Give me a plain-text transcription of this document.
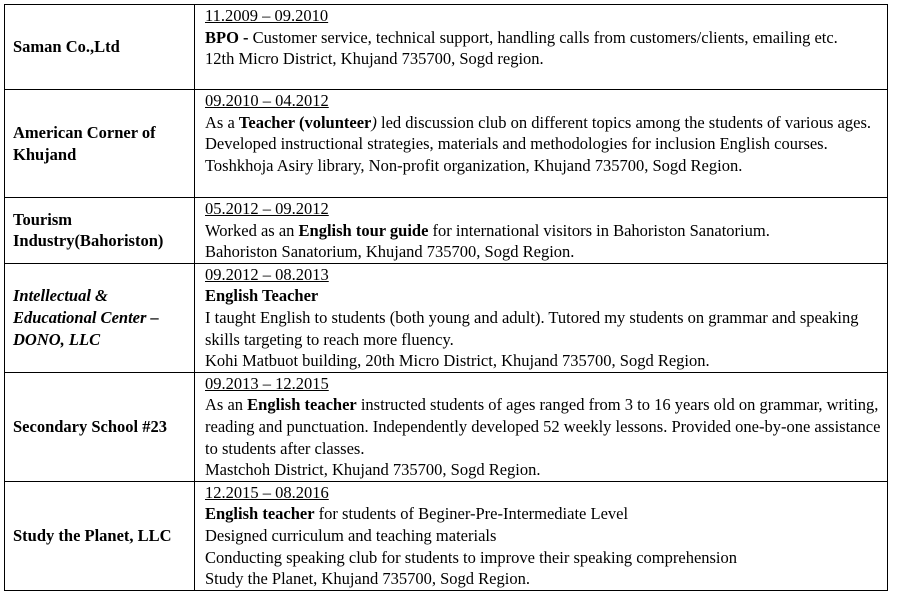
Saman Co.,Ltd	11.2009 – 09.2010
BPO - Customer service, technical support, handling calls from customers/clients, emailing etc.
12th Micro District, Khujand 735700, Sogd region.

American Corner of Khujand	09.2010 – 04.2012
As a Teacher (volunteer) led discussion club on different topics among the students of various ages. Developed instructional strategies, materials and methodologies for inclusion English courses.
Toshkhoja Asiry library, Non-profit organization, Khujand 735700, Sogd Region.

Tourism Industry(Bahoriston)	05.2012 – 09.2012
Worked as an English tour guide for international visitors in Bahoriston Sanatorium.
Bahoriston Sanatorium, Khujand 735700, Sogd Region.

Intellectual & Educational Center – DONO, LLC	09.2012 – 08.2013
English Teacher
I taught English to students (both young and adult). Tutored my students on grammar and speaking skills targeting to reach more fluency.
Kohi Matbuot building, 20th Micro District, Khujand 735700, Sogd Region.

Secondary School #23	09.2013 – 12.2015
As an English teacher instructed students of ages ranged from 3 to 16 years old on grammar, writing, reading and punctuation. Independently developed 52 weekly lessons. Provided one-by-one assistance to students after classes.
Mastchoh District, Khujand 735700, Sogd Region.

Study the Planet, LLC	12.2015 – 08.2016
English teacher for students of Beginer-Pre-Intermediate Level
Designed curriculum and teaching materials
Conducting speaking club for students to improve their speaking comprehension
Study the Planet, Khujand 735700, Sogd Region.
